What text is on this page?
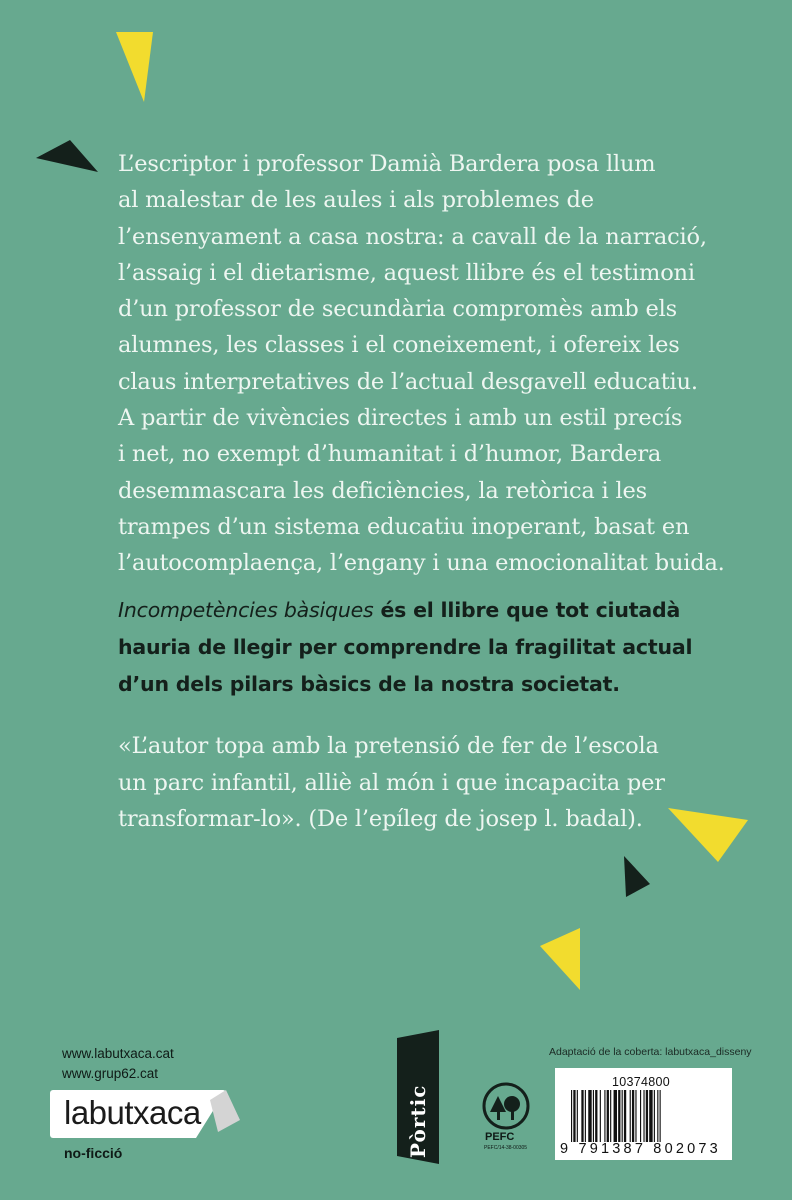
L’escriptor i professor Damià Bardera posa llum
al malestar de les aules i als problemes de
l’ensenyament a casa nostra: a cavall de la narració,
l’assaig i el dietarisme, aquest llibre és el testimoni
d’un professor de secundària compromès amb els
alumnes, les classes i el coneixement, i ofereix les
claus interpretatives de l’actual desgavell educatiu.
A partir de vivències directes i amb un estil precís
i net, no exempt d’humanitat i d’humor, Bardera
desemmascara les deficiències, la retòrica i les
trampes d’un sistema educatiu inoperant, basat en
l’autocomplaença, l’engany i una emocionalitat buida.
Incompetències bàsiques és el llibre que tot ciutadà
hauria de llegir per comprendre la fragilitat actual
d’un dels pilars bàsics de la nostra societat.
«L’autor topa amb la pretensió de fer de l’escola
un parc infantil, alliè al món i que incapacita per
transformar-lo». (De l’epíleg de josep l. badal).
www.labutxaca.cat
www.grup62.cat
labutxaca
no-ficció	Pòrtic
Adaptació de la coberta: labutxaca_disseny
PEFC
PEFC/14-38-00305
10374800
9 791387 802073
